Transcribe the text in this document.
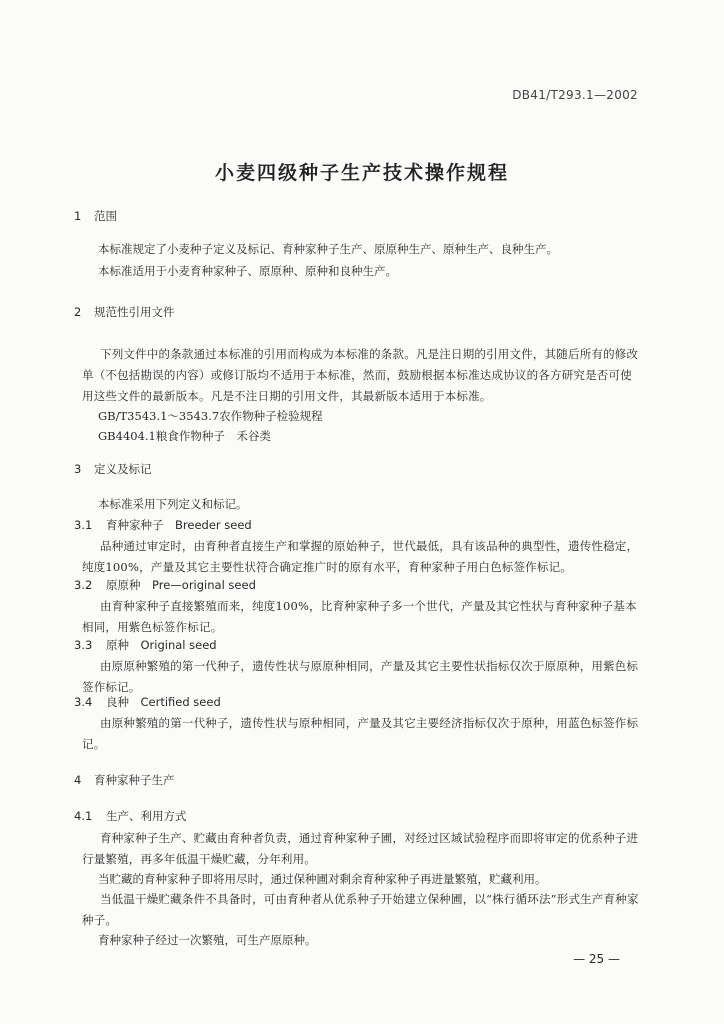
DB41/T293.1—2002
小麦四级种子生产技术操作规程
1 范围
本标准规定了小麦种子定义及标记、育种家种子生产、原原种生产、原种生产、良种生产。
本标准适用于小麦育种家种子、原原种、原种和良种生产。
2 规范性引用文件
下列文件中的条款通过本标准的引用而构成为本标准的条款。凡是注日期的引用文件，其随后所有的修改单（不包括勘误的内容）或修订版均不适用于本标准，然而，鼓励根据本标准达成协议的各方研究是否可使用这些文件的最新版本。凡是不注日期的引用文件，其最新版本适用于本标准。
GB/T3543.1～3543.7农作物种子检验规程
GB4404.1粮食作物种子　禾谷类
3 定义及标记
本标准采用下列定义和标记。
3.1 育种家种子　Breeder seed
品种通过审定时，由育种者直接生产和掌握的原始种子，世代最低，具有该品种的典型性，遗传性稳定，纯度100%，产量及其它主要性状符合确定推广时的原有水平，育种家种子用白色标签作标记。
3.2 原原种　Pre—original seed
由育种家种子直接繁殖而来，纯度100%，比育种家种子多一个世代，产量及其它性状与育种家种子基本相同，用紫色标签作标记。
3.3 原种　Original seed
由原原种繁殖的第一代种子，遗传性状与原原种相同，产量及其它主要性状指标仅次于原原种，用紫色标签作标记。
3.4 良种　Certified seed
由原种繁殖的第一代种子，遗传性状与原种相同，产量及其它主要经济指标仅次于原种，用蓝色标签作标记。
4 育种家种子生产
4.1 生产、利用方式
育种家种子生产、贮藏由育种者负责，通过育种家种子圃，对经过区域试验程序而即将审定的优系种子进行量繁殖，再多年低温干燥贮藏，分年利用。
当贮藏的育种家种子即将用尽时，通过保种圃对剩余育种家种子再进量繁殖，贮藏利用。
当低温干燥贮藏条件不具备时，可由育种者从优系种子开始建立保种圃，以“株行循环法”形式生产育种家种子。
育种家种子经过一次繁殖，可生产原原种。
— 25 —
